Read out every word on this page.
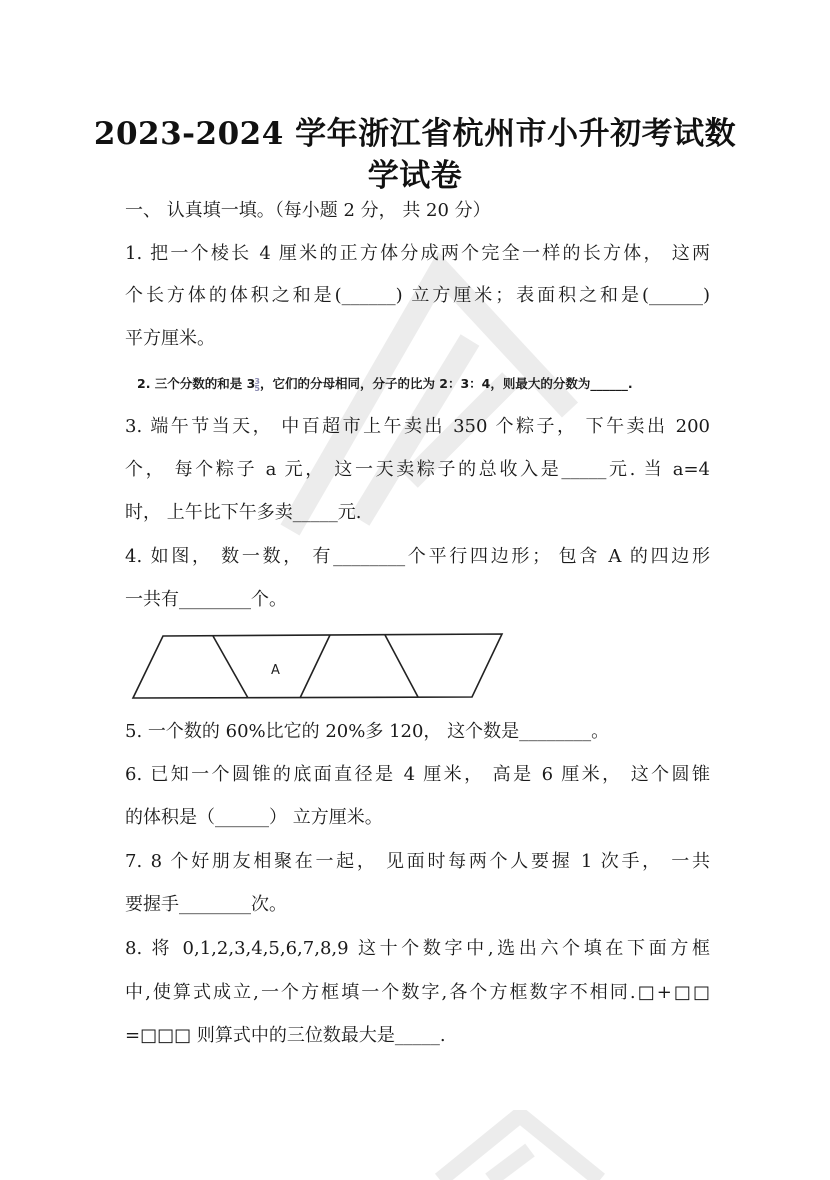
2023-2024 学年浙江省杭州市小升初考试数
学试卷
一、 认真填一填。（每小题 2 分， 共 20 分）
1. 把一个棱长 4 厘米的正方体分成两个完全一样的长方体， 这两
个长方体的体积之和是(______) 立方厘米；表面积之和是(______)
平方厘米。
2. 三个分数的和是 33
5，它们的分母相同，分子的比为 2：3：4，则最大的分数为______.
3. 端午节当天， 中百超市上午卖出 350 个粽子， 下午卖出 200
个， 每个粽子 a 元， 这一天卖粽子的总收入是_____元. 当 a=4
时， 上午比下午多卖_____元.
4. 如图， 数一数， 有________个平行四边形； 包含 A 的四边形
一共有________个。
A
5. 一个数的 60%比它的 20%多 120， 这个数是________。
6. 已知一个圆锥的底面直径是 4 厘米， 高是 6 厘米， 这个圆锥
的体积是（______） 立方厘米。
7. 8 个好朋友相聚在一起， 见面时每两个人要握 1 次手， 一共
要握手________次。
8. 将 0,1,2,3,4,5,6,7,8,9 这十个数字中,选出六个填在下面方框
中,使算式成立,一个方框填一个数字,各个方框数字不相同.□+□□
=□□□ 则算式中的三位数最大是_____.
